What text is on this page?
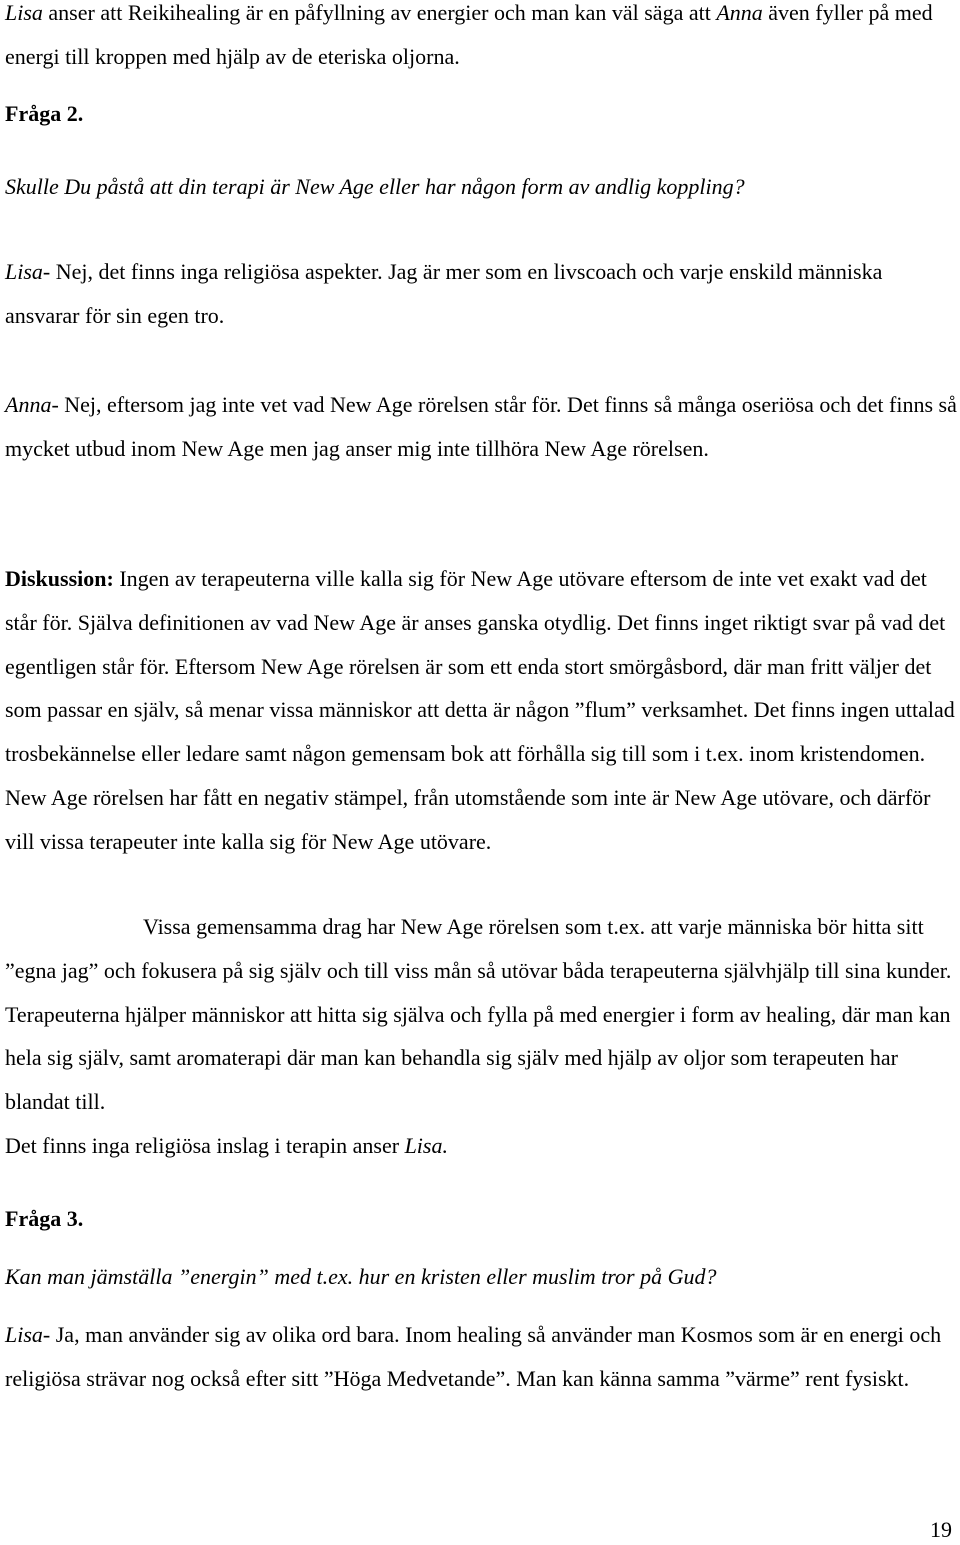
Lisa anser att Reikihealing är en påfyllning av energier och man kan väl säga att Anna även fyller på med energi till kroppen med hjälp av de eteriska oljorna.

Fråga 2.

Skulle Du påstå att din terapi är New Age eller har någon form av andlig koppling?

Lisa- Nej, det finns inga religiösa aspekter. Jag är mer som en livscoach och varje enskild människa ansvarar för sin egen tro.

Anna- Nej, eftersom jag inte vet vad New Age rörelsen står för. Det finns så många oseriösa och det finns så mycket utbud inom New Age men jag anser mig inte tillhöra New Age rörelsen.

Diskussion: Ingen av terapeuterna ville kalla sig för New Age utövare eftersom de inte vet exakt vad det står för. Själva definitionen av vad New Age är anses ganska otydlig. Det finns inget riktigt svar på vad det egentligen står för. Eftersom New Age rörelsen är som ett enda stort smörgåsbord, där man fritt väljer det som passar en själv, så menar vissa människor att detta är någon ”flum” verksamhet. Det finns ingen uttalad trosbekännelse eller ledare samt någon gemensam bok att förhålla sig till som i t.ex. inom kristendomen. New Age rörelsen har fått en negativ stämpel, från utomstående som inte är New Age utövare, och därför vill vissa terapeuter inte kalla sig för New Age utövare.

Vissa gemensamma drag har New Age rörelsen som t.ex. att varje människa bör hitta sitt ”egna jag” och fokusera på sig själv och till viss mån så utövar båda terapeuterna självhjälp till sina kunder. Terapeuterna hjälper människor att hitta sig själva och fylla på med energier i form av healing, där man kan hela sig själv, samt aromaterapi där man kan behandla sig själv med hjälp av oljor som terapeuten har blandat till.

Det finns inga religiösa inslag i terapin anser Lisa.

Fråga 3.

Kan man jämställa ”energin” med t.ex. hur en kristen eller muslim tror på Gud?

Lisa- Ja, man använder sig av olika ord bara. Inom healing så använder man Kosmos som är en energi och religiösa strävar nog också efter sitt ”Höga Medvetande”. Man kan känna samma ”värme” rent fysiskt.

19
